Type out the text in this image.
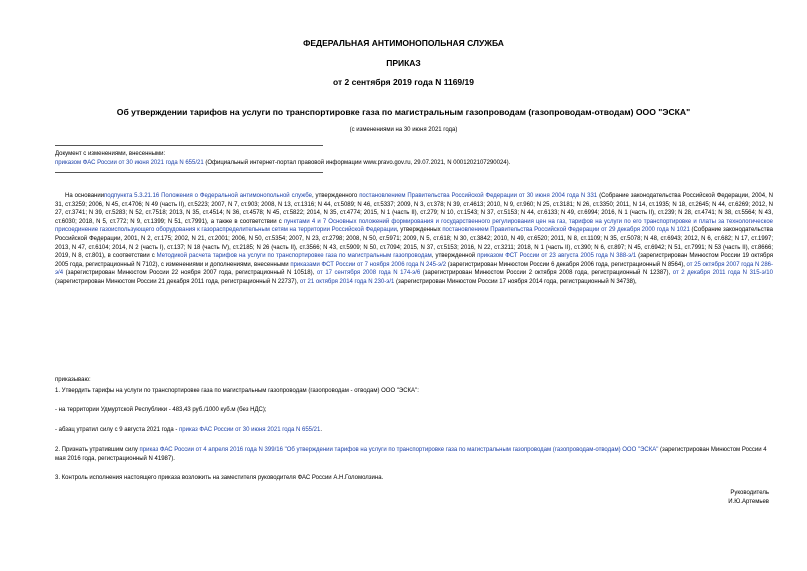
ФЕДЕРАЛЬНАЯ АНТИМОНОПОЛЬНАЯ СЛУЖБА
ПРИКАЗ
от 2 сентября 2019 года N 1169/19
Об утверждении тарифов на услуги по транспортировке газа по магистральным газопроводам (газопроводам-отводам) ООО "ЭСКА"
(с изменениями на 30 июня 2021 года)
Документ с изменениями, внесенными:
приказом ФАС России от 30 июня 2021 года N 655/21 (Официальный интернет-портал правовой информации www.pravo.gov.ru, 29.07.2021, N 0001202107290024).
На основанииподпункта 5.3.21.16 Положения о Федеральной антимонопольной службе, утвержденного постановлением Правительства Российской Федерации от 30 июня 2004 года N 331 (Собрание законодательства Российской Федерации, 2004, N 31, ст.3259; 2006, N 45, ст.4706; N 49 (часть II), ст.5223; 2007, N 7, ст.903; 2008, N 13, ст.1316; N 44, ст.5089; N 46, ст.5337; 2009, N 3, ст.378; N 39, ст.4613; 2010, N 9, ст.960; N 25, ст.3181; N 26, ст.3350; 2011, N 14, ст.1935; N 18, ст.2645; N 44, ст.6269; 2012, N 27, ст.3741; N 39, ст.5283; N 52, ст.7518; 2013, N 35, ст.4514; N 36, ст.4578; N 45, ст.5822; 2014, N 35, ст.4774; 2015, N 1 (часть II), ст.279; N 10, ст.1543; N 37, ст.5153; N 44, ст.6133; N 49, ст.6994; 2016, N 1 (часть II), ст.239; N 28, ст.4741; N 38, ст.5564; N 43, ст.6030; 2018, N 5, ст.772; N 9, ст.1399; N 51, ст.7991), а также в соответствии с пунктами 4 и 7 Основных положений формирования и государственного регулирования цен на газ, тарифов на услуги по его транспортировке и платы за технологическое присоединение газоиспользующего оборудования к газораспределительным сетям на территории Российской Федерации, утвержденных постановлением Правительства Российской Федерации от 29 декабря 2000 года N 1021 (Собрание законодательства Российской Федерации, 2001, N 2, ст.175; 2002, N 21, ст.2001; 2006, N 50, ст.5354; 2007, N 23, ст.2798; 2008, N 50, ст.5971; 2009, N 5, ст.618; N 30, ст.3842; 2010, N 49, ст.6520; 2011, N 8, ст.1109; N 35, ст.5078; N 48, ст.6943; 2012, N 6, ст.682; N 17, ст.1997; 2013, N 47, ст.6104; 2014, N 2 (часть I), ст.137; N 18 (часть IV), ст.2185; N 26 (часть II), ст.3566; N 43, ст.5909; N 50, ст.7094; 2015, N 37, ст.5153; 2016, N 22, ст.3211; 2018, N 1 (часть II), ст.390; N 6, ст.897; N 45, ст.6942; N 51, ст.7991; N 53 (часть II), ст.8666; 2019, N 8, ст.801), в соответствии с Методикой расчета тарифов на услуги по транспортировке газа по магистральным газопроводам, утвержденной приказом ФСТ России от 23 августа 2005 года N 388-э/1 (зарегистрирован Минюстом России 19 октября 2005 года, регистрационный N 7102), с изменениями и дополнениями, внесенными приказами ФСТ России от 7 ноября 2006 года N 245-э/2 (зарегистрирован Минюстом России 6 декабря 2006 года, регистрационный N 8564), от 25 октября 2007 года N 286-э/4 (зарегистрирован Минюстом России 22 ноября 2007 года, регистрационный N 10518), от 17 сентября 2008 года N 174-э/6 (зарегистрирован Минюстом России 2 октября 2008 года, регистрационный N 12387), от 2 декабря 2011 года N 315-э/10 (зарегистрирован Минюстом России 21 декабря 2011 года, регистрационный N 22737), от 21 октября 2014 года N 230-э/1 (зарегистрирован Минюстом России 17 ноября 2014 года, регистрационный N 34738),
приказываю:
1. Утвердить тарифы на услуги по транспортировке газа по магистральным газопроводам (газопроводам - отводам) ООО "ЭСКА":
- на территории Удмуртской Республики - 483,43 руб./1000 куб.м (без НДС);
- абзац утратил силу с 9 августа 2021 года - приказ ФАС России от 30 июня 2021 года N 655/21.
2. Признать утратившим силу приказ ФАС России от 4 апреля 2016 года N 399/16 "Об утверждении тарифов на услуги по транспортировке газа по магистральным газопроводам (газопроводам-отводам) ООО "ЭСКА" (зарегистрирован Минюстом России 4 мая 2016 года, регистрационный N 41987).
3. Контроль исполнения настоящего приказа возложить на заместителя руководителя ФАС России А.Н.Голомолзина.
Руководитель
И.Ю.Артемьев
